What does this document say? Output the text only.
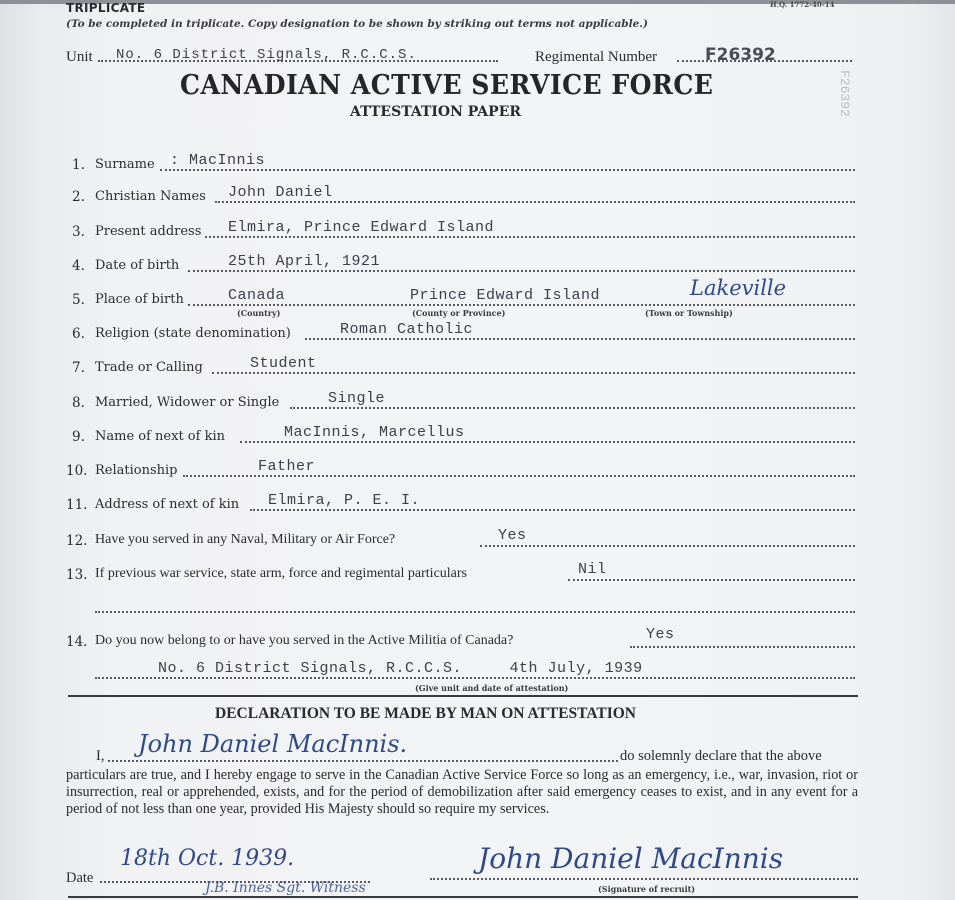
TRIPLICATE	H.Q. 1772-40-14
(To be completed in triplicate. Copy designation to be shown by striking out terms not applicable.)
Unit No. 6 District Signals, R.C.C.S.	Regimental Number	F26392
CANADIAN ACTIVE SERVICE FORCE
ATTESTATION PAPER	F26392
1. Surname : MacInnis
2. Christian Names John Daniel
3. Present address Elmira, Prince Edward Island
4. Date of birth	25th April, 1921
5. Place of birth	Canada	Prince Edward Island	Lakeville
(Country)	(County or Province)	(Town or Township)
6. Religion (state denomination)	Roman Catholic
7. Trade or Calling	Student
8. Married, Widower or Single	Single
9. Name of next of kin	MacInnis, Marcellus
10. Relationship	Father
11. Address of next of kin Elmira, P. E. I.
12. Have you served in any Naval, Military or Air Force?	Yes
13. If previous war service, state arm, force and regimental particulars	Nil
14. Do you now belong to or have you served in the Active Militia of Canada?	Yes
No. 6 District Signals, R.C.C.S.     4th July, 1939
(Give unit and date of attestation)
DECLARATION TO BE MADE BY MAN ON ATTESTATION
I, John Daniel MacInnis.	do solemnly declare that the above
particulars are true, and I hereby engage to serve in the Canadian Active Service Force so long as an emergency, i.e., war, invasion, riot or insurrection, real or apprehended, exists, and for the period of demobilization after said emergency ceases to exist, and in any event for a period of not less than one year, provided His Majesty should so require my services.
Date
18th Oct. 1939.
J.B. Innes Sgt. Witness
John Daniel MacInnis
(Signature of recruit)
